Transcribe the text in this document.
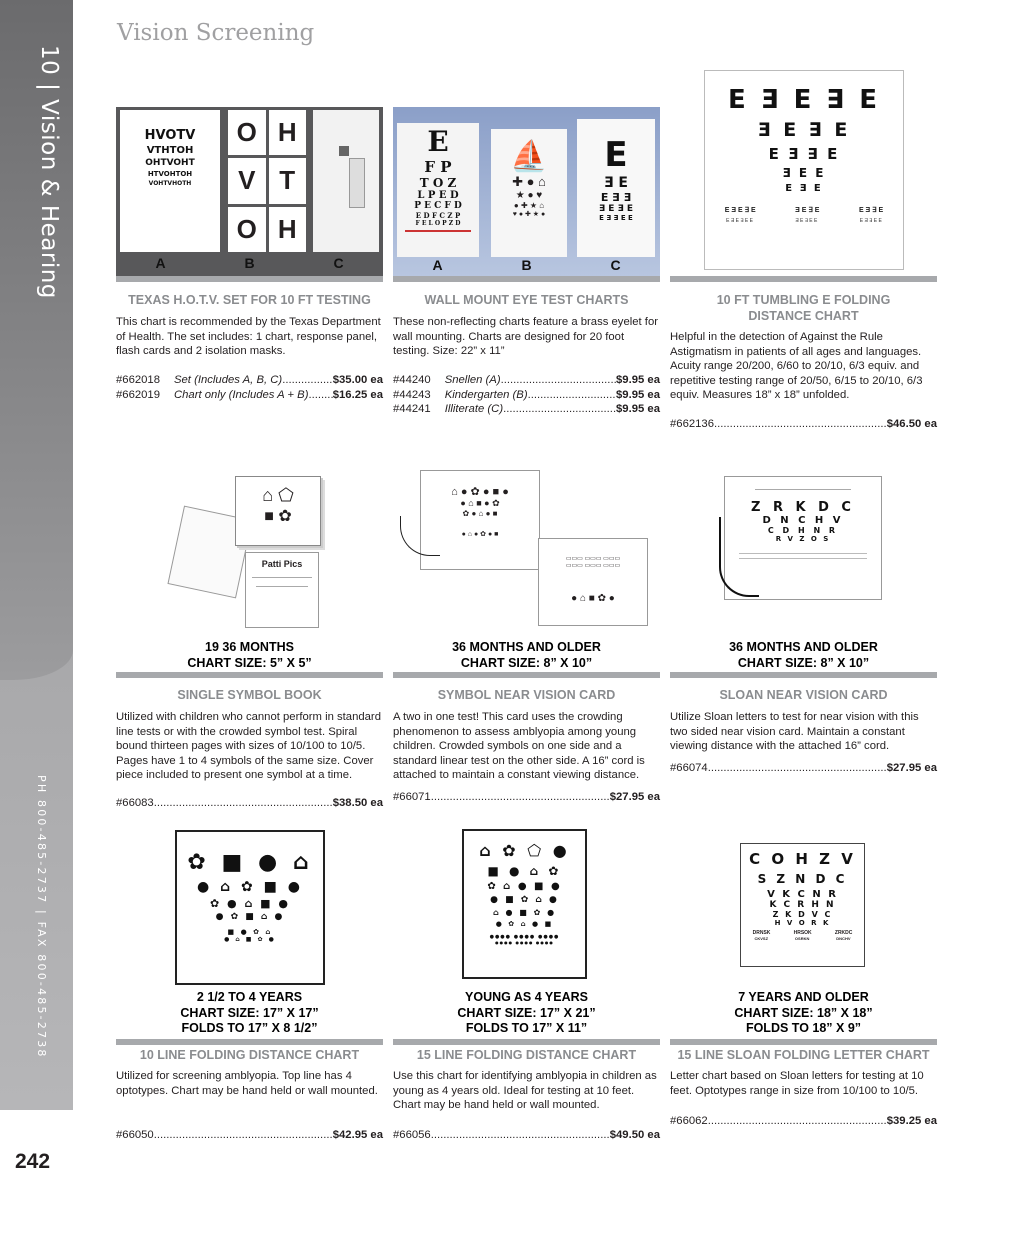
10 | Vision & Hearing
PH 800-485-2737 | FAX 800-485-2738
242
Vision Screening
HVOTV
VTHTOH
OHTVOHT
HTVOHTOH
VOHTVHOTH
O H
V T
O H
A	B	C
TEXAS H.O.T.V. SET FOR 10 FT TESTING
This chart is recommended by the Texas Department of Health. The set includes: 1 chart, response panel, flash cards and 2 isolation masks.
#662018 Set (Includes A, B, C) .....	$35.00 ea
#662019 Chart only (Includes A + B) ..... $16.25 ea
E
F P
T O Z
L P E D
P E C F D
E D F C Z P
F E L O P Z D
⛵
✚ ● ⌂
★ ● ♥
● ✚ ★ ⌂
♥ ● ✚ ★ ●
E
Ǝ E
E ∃ Ǝ
∃ E Ǝ E
E Ǝ ∃ E E
A	B	C
WALL MOUNT EYE TEST CHARTS
These non-reflecting charts feature a brass eyelet for wall mounting. Charts are designed for 20 foot testing. Size: 22” x 11”
#44240 Snellen (A) .....	$9.95 ea
#44243 Kindergarten (B) .....	$9.95 ea
#44241 Illiterate (C) .....	$9.95 ea
E Ǝ E ∃ E
Ǝ E ∃ E
E Ǝ ∃ E
Ǝ E E
E Ǝ E
E Ǝ E ∃ E	Ǝ E ∃ E	E Ǝ ∃ E
E Ǝ E ∃ E E	Ǝ E ∃ E E	E Ǝ ∃ E E
10 FT TUMBLING E FOLDING
DISTANCE CHART
Helpful in the detection of Against the Rule Astigmatism in patients of all ages and languages. Acuity range 20/200, 6/60 to 20/10, 6/3 equiv. and repetitive testing range of 20/50, 6/15 to 20/10, 6/3 equiv. Measures 18” x 18” unfolded.
#662136 .....	$46.50 ea
⌂ ⬠
■ ✿
Patti Pics
19 36 MONTHS
CHART SIZE: 5” X 5”
SINGLE SYMBOL BOOK
Utilized with children who cannot perform in standard line tests or with the crowded symbol test. Spiral bound thirteen pages with sizes of 10/100 to 10/5. Pages have 1 to 4 symbols of the same size. Cover piece included to present one symbol at a time.
#66083 .....	$38.50 ea
⌂ ● ✿ ● ■ ●
● ⌂ ■ ● ✿
✿ ● ⌂ ● ■
● ⌂ ● ✿ ● ■
▭▭▭ ▭▭▭ ▭▭▭
▭▭▭ ▭▭▭ ▭▭▭
● ⌂ ■ ✿ ●
36 MONTHS AND OLDER
CHART SIZE: 8” X 10”
SYMBOL NEAR VISION CARD
A two in one test! This card uses the crowding phenomenon to assess amblyopia among young children. Crowded symbols on one side and a standard linear test on the other side. A 16” cord is attached to maintain a constant viewing distance.
#66071 .....	$27.95 ea
Z R K D C
D N C H V
C D H N R
R V Z O S
36 MONTHS AND OLDER
CHART SIZE: 8” X 10”
SLOAN NEAR VISION CARD
Utilize Sloan letters to test for near vision with this two sided near vision card. Maintain a constant viewing distance with the attached 16” cord.
#66074 .....	$27.95 ea
✿ ■ ● ⌂
● ⌂ ✿ ■ ●
✿ ● ⌂ ■ ●
● ✿ ■ ⌂ ●
■ ● ✿ ⌂
● ⌂ ■ ✿ ●
2 1/2 TO 4 YEARS
CHART SIZE: 17” X 17”
FOLDS TO 17” X 8 1/2”
10 LINE FOLDING DISTANCE CHART
Utilized for screening amblyopia. Top line has 4 optotypes. Chart may be hand held or wall mounted.
#66050 .....	$42.95 ea
⌂ ✿ ⬠ ●
■ ● ⌂ ✿
✿ ⌂ ● ■ ●
● ■ ✿ ⌂ ●
⌂ ● ■ ✿ ●
● ✿ ⌂ ● ■
●●●● ●●●● ●●●●
●●●● ●●●● ●●●●
YOUNG AS 4 YEARS
CHART SIZE: 17” X 21”
FOLDS TO 17” X 11”
15 LINE FOLDING DISTANCE CHART
Use this chart for identifying amblyopia in children as young as 4 years old. Ideal for testing at 10 feet. Chart may be hand held or wall mounted.
#66056 .....	$49.50 ea
C O H Z V
S Z N D C
V K C N R
K C R H N
Z K D V C
H V O R K
DRNSK	HRSOK	ZRKDC
CKVSZ	OSRKN	DNCHV
7 YEARS AND OLDER
CHART SIZE: 18” X 18”
FOLDS TO 18” X 9”
15 LINE SLOAN FOLDING LETTER CHART
Letter chart based on Sloan letters for testing at 10 feet. Optotypes range in size from 10/100 to 10/5.
#66062 .....	$39.25 ea
